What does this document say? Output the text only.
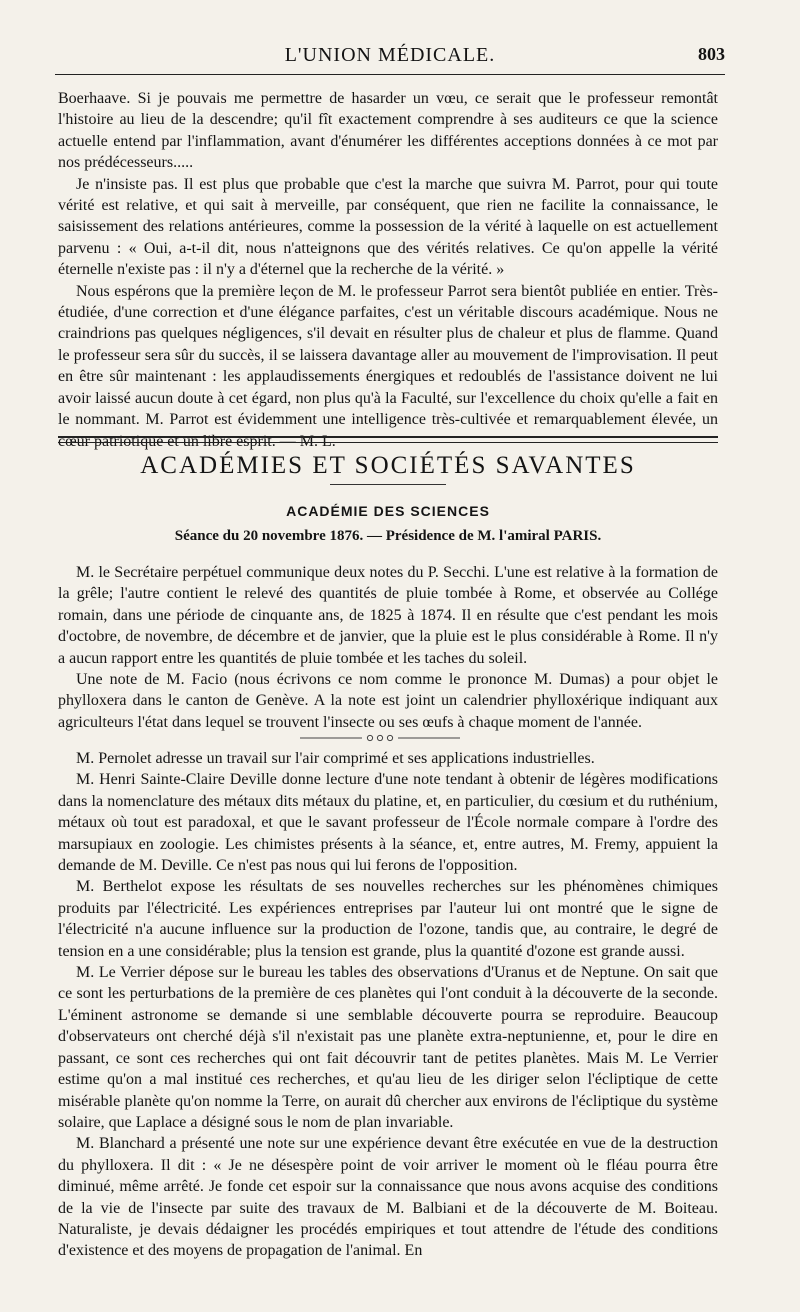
L'UNION MÉDICALE.	803

Boerhaave. Si je pouvais me permettre de hasarder un vœu, ce serait que le professeur remontât l'histoire au lieu de la descendre; qu'il fît exactement comprendre à ses auditeurs ce que la science actuelle entend par l'inflammation, avant d'énumérer les différentes acceptions données à ce mot par nos prédécesseurs.....

Je n'insiste pas. Il est plus que probable que c'est la marche que suivra M. Parrot, pour qui toute vérité est relative, et qui sait à merveille, par conséquent, que rien ne facilite la connaissance, le saisissement des relations antérieures, comme la possession de la vérité à laquelle on est actuellement parvenu : « Oui, a-t-il dit, nous n'atteignons que des vérités relatives. Ce qu'on appelle la vérité éternelle n'existe pas : il n'y a d'éternel que la recherche de la vérité. »

Nous espérons que la première leçon de M. le professeur Parrot sera bientôt publiée en entier. Très-étudiée, d'une correction et d'une élégance parfaites, c'est un véritable discours académique. Nous ne craindrions pas quelques négligences, s'il devait en résulter plus de chaleur et plus de flamme. Quand le professeur sera sûr du succès, il se laissera davantage aller au mouvement de l'improvisation. Il peut en être sûr maintenant : les applaudissements énergiques et redoublés de l'assistance doivent ne lui avoir laissé aucun doute à cet égard, non plus qu'à la Faculté, sur l'excellence du choix qu'elle a fait en le nommant. M. Parrot est évidemment une intelligence très-cultivée et remarquablement élevée, un cœur patriotique et un libre esprit. — M. L.

ACADÉMIES ET SOCIÉTÉS SAVANTES
ACADÉMIE DES SCIENCES
Séance du 20 novembre 1876. — Présidence de M. l'amiral PARIS.

M. le Secrétaire perpétuel communique deux notes du P. Secchi. L'une est relative à la formation de la grêle; l'autre contient le relevé des quantités de pluie tombée à Rome, et observée au Collége romain, dans une période de cinquante ans, de 1825 à 1874. Il en résulte que c'est pendant les mois d'octobre, de novembre, de décembre et de janvier, que la pluie est le plus considérable à Rome. Il n'y a aucun rapport entre les quantités de pluie tombée et les taches du soleil.

Une note de M. Facio (nous écrivons ce nom comme le prononce M. Dumas) a pour objet le phylloxera dans le canton de Genève. A la note est joint un calendrier phylloxérique indiquant aux agriculteurs l'état dans lequel se trouvent l'insecte ou ses œufs à chaque moment de l'année.

M. Pernolet adresse un travail sur l'air comprimé et ses applications industrielles.

M. Henri Sainte-Claire Deville donne lecture d'une note tendant à obtenir de légères modifications dans la nomenclature des métaux dits métaux du platine, et, en particulier, du cœsium et du ruthénium, métaux où tout est paradoxal, et que le savant professeur de l'École normale compare à l'ordre des marsupiaux en zoologie. Les chimistes présents à la séance, et, entre autres, M. Fremy, appuient la demande de M. Deville. Ce n'est pas nous qui lui ferons de l'opposition.

M. Berthelot expose les résultats de ses nouvelles recherches sur les phénomènes chimiques produits par l'électricité. Les expériences entreprises par l'auteur lui ont montré que le signe de l'électricité n'a aucune influence sur la production de l'ozone, tandis que, au contraire, le degré de tension en a une considérable; plus la tension est grande, plus la quantité d'ozone est grande aussi.

M. Le Verrier dépose sur le bureau les tables des observations d'Uranus et de Neptune. On sait que ce sont les perturbations de la première de ces planètes qui l'ont conduit à la découverte de la seconde. L'éminent astronome se demande si une semblable découverte pourra se reproduire. Beaucoup d'observateurs ont cherché déjà s'il n'existait pas une planète extra-neptunienne, et, pour le dire en passant, ce sont ces recherches qui ont fait découvrir tant de petites planètes. Mais M. Le Verrier estime qu'on a mal institué ces recherches, et qu'au lieu de les diriger selon l'écliptique de cette misérable planète qu'on nomme la Terre, on aurait dû chercher aux environs de l'écliptique du système solaire, que Laplace a désigné sous le nom de plan invariable.

M. Blanchard a présenté une note sur une expérience devant être exécutée en vue de la destruction du phylloxera. Il dit : « Je ne désespère point de voir arriver le moment où le fléau pourra être diminué, même arrêté. Je fonde cet espoir sur la connaissance que nous avons acquise des conditions de la vie de l'insecte par suite des travaux de M. Balbiani et de la découverte de M. Boiteau. Naturaliste, je devais dédaigner les procédés empiriques et tout attendre de l'étude des conditions d'existence et des moyens de propagation de l'animal. En
